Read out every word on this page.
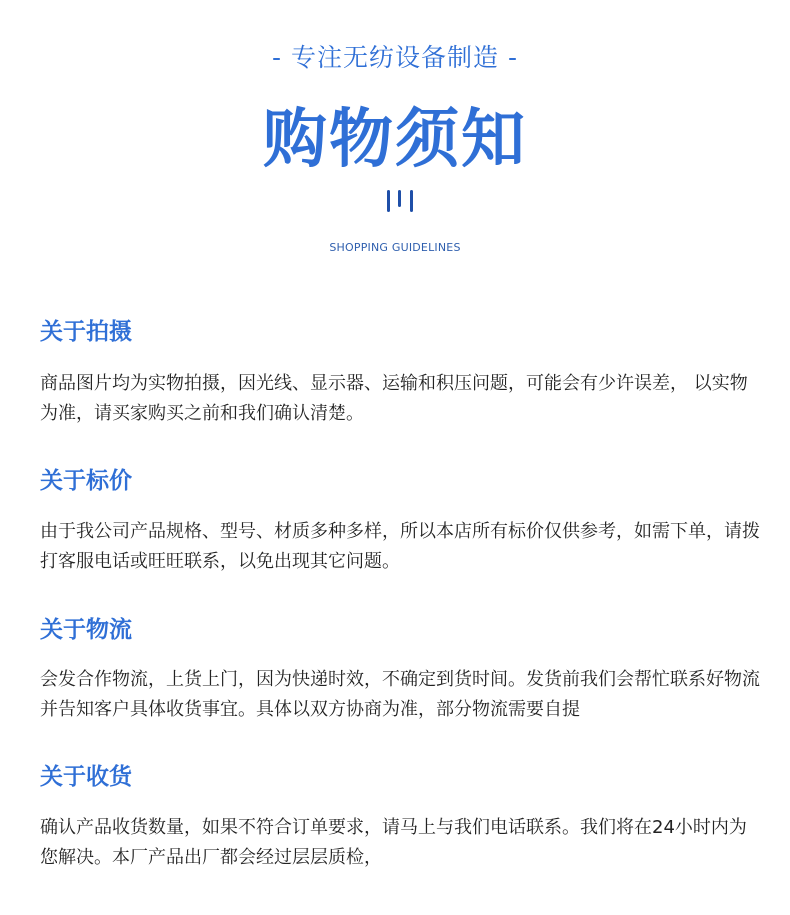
- 专注无纺设备制造 -
购物须知
SHOPPING GUIDELINES
关于拍摄

商品图片均为实物拍摄，因光线、显示器、运输和积压问题，可能会有少许误差， 以实物为准，请买家购买之前和我们确认清楚。

关于标价

由于我公司产品规格、型号、材质多种多样，所以本店所有标价仅供参考，如需下单，请拨打客服电话或旺旺联系，以免出现其它问题。

关于物流

会发合作物流，上货上门，因为快递时效，不确定到货时间。发货前我们会帮忙联系好物流并告知客户具体收货事宜。具体以双方协商为准，部分物流需要自提

关于收货

确认产品收货数量，如果不符合订单要求，请马上与我们电话联系。我们将在24小时内为您解决。本厂产品出厂都会经过层层质检，
